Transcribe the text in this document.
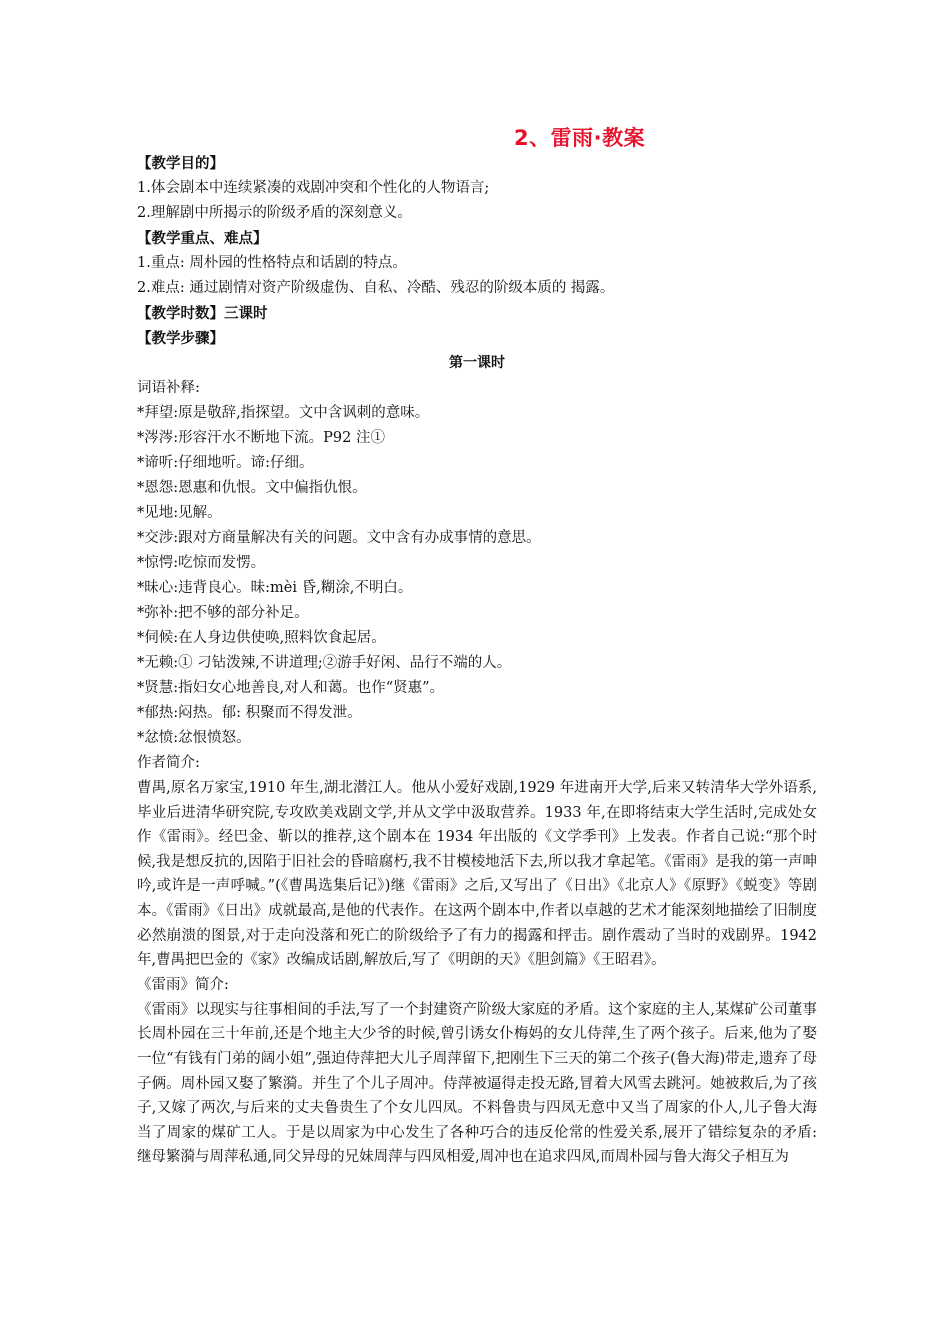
2、雷雨·教案
【教学目的】
1.体会剧本中连续紧凑的戏剧冲突和个性化的人物语言;
2.理解剧中所揭示的阶级矛盾的深刻意义。
【教学重点、难点】
1.重点: 周朴园的性格特点和话剧的特点。
2.难点: 通过剧情对资产阶级虚伪、自私、冷酷、残忍的阶级本质的 揭露。
【教学时数】三课时
【教学步骤】
第一课时
词语补释:
*拜望:原是敬辞,指探望。文中含讽刺的意味。
*涔涔:形容汗水不断地下流。P92 注①
*谛听:仔细地听。谛:仔细。
*恩怨:恩惠和仇恨。文中偏指仇恨。
*见地:见解。
*交涉:跟对方商量解决有关的问题。文中含有办成事情的意思。
*惊愕:吃惊而发愣。
*昧心:违背良心。昧:mèi 昏,糊涂,不明白。
*弥补:把不够的部分补足。
*伺候:在人身边供使唤,照料饮食起居。
*无赖:① 刁钻泼辣,不讲道理;②游手好闲、品行不端的人。
*贤慧:指妇女心地善良,对人和蔼。也作“贤惠”。
*郁热:闷热。郁: 积聚而不得发泄。
*忿愤:忿恨愤怒。
作者简介:

曹禺,原名万家宝,1910 年生,湖北潜江人。他从小爱好戏剧,1929 年进南开大学,后来又转清华大学外语系,毕业后进清华研究院,专攻欧美戏剧文学,并从文学中汲取营养。1933 年,在即将结束大学生活时,完成处女作《雷雨》。经巴金、靳以的推荐,这个剧本在 1934 年出版的《文学季刊》上发表。作者自己说:“那个时候,我是想反抗的,因陷于旧社会的昏暗腐朽,我不甘模棱地活下去,所以我才拿起笔。《雷雨》是我的第一声呻吟,或许是一声呼喊。”(《曹禺选集后记》)继《雷雨》之后,又写出了《日出》《北京人》《原野》《蜕变》等剧本。《雷雨》《日出》成就最高,是他的代表作。在这两个剧本中,作者以卓越的艺术才能深刻地描绘了旧制度必然崩溃的图景,对于走向没落和死亡的阶级给予了有力的揭露和抨击。剧作震动了当时的戏剧界。1942 年,曹禺把巴金的《家》改编成话剧,解放后,写了《明朗的天》《胆剑篇》《王昭君》。

《雷雨》简介:

《雷雨》以现实与往事相间的手法,写了一个封建资产阶级大家庭的矛盾。这个家庭的主人,某煤矿公司董事长周朴园在三十年前,还是个地主大少爷的时候,曾引诱女仆梅妈的女儿侍萍,生了两个孩子。后来,他为了娶一位“有钱有门弟的阔小姐”,强迫侍萍把大儿子周萍留下,把刚生下三天的第二个孩子(鲁大海)带走,遗弃了母子俩。周朴园又娶了繁漪。并生了个儿子周冲。侍萍被逼得走投无路,冒着大风雪去跳河。她被救后,为了孩子,又嫁了两次,与后来的丈夫鲁贵生了个女儿四凤。不料鲁贵与四凤无意中又当了周家的仆人,儿子鲁大海当了周家的煤矿工人。于是以周家为中心发生了各种巧合的违反伦常的性爱关系,展开了错综复杂的矛盾: 继母繁漪与周萍私通,同父异母的兄妹周萍与四凤相爱,周冲也在追求四凤,而周朴园与鲁大海父子相互为
